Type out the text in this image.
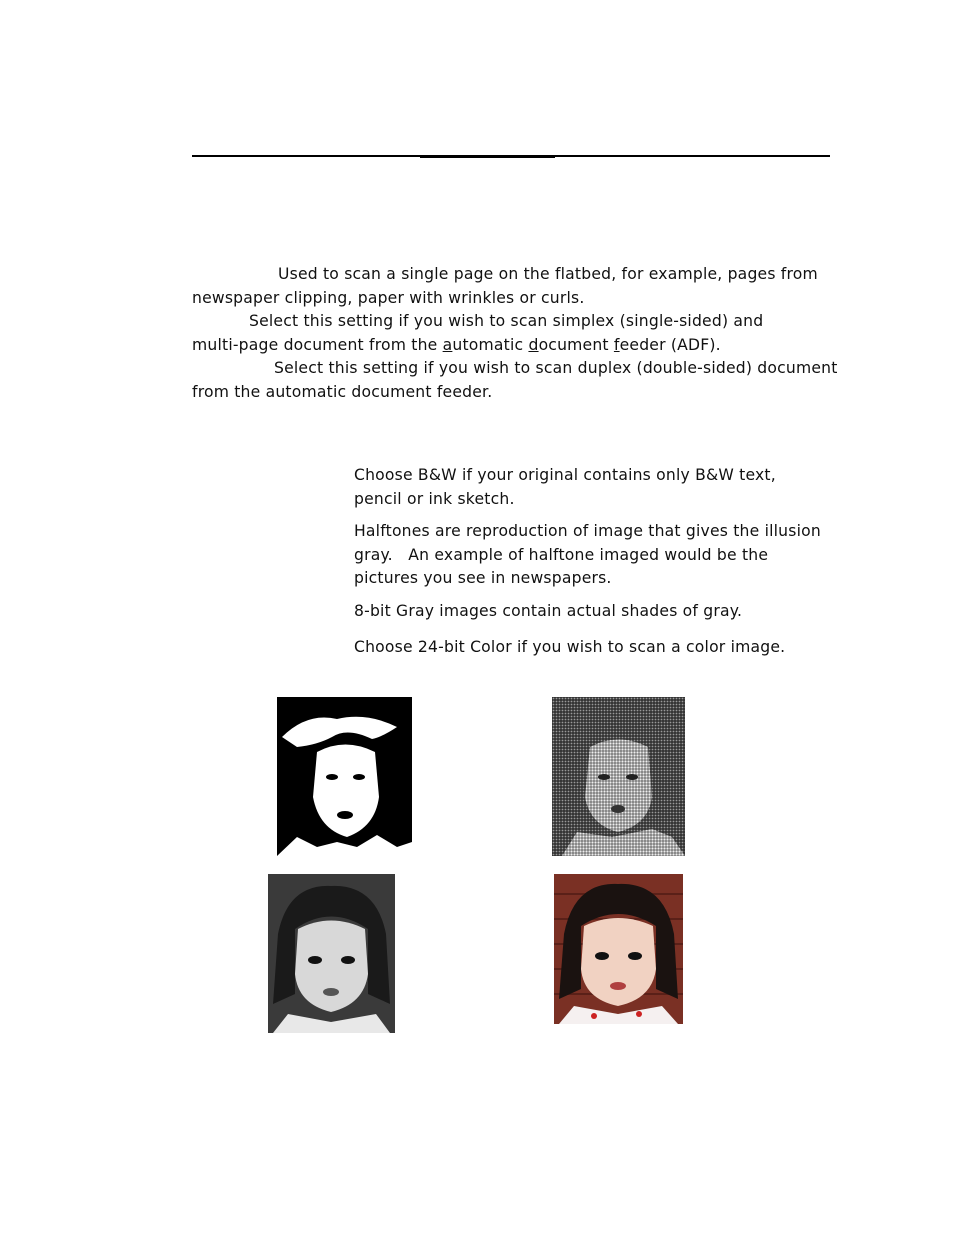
Used to scan a single page on the flatbed, for example, pages from
newspaper clipping, paper with wrinkles or curls.

Select this setting if you wish to scan simplex (single-sided) and
multi-page document from the automatic document feeder (ADF).

Select this setting if you wish to scan duplex (double-sided) document
from the automatic document feeder.

Choose B&W if your original contains only B&W text,
pencil or ink sketch.

Halftones are reproduction of image that gives the illusion
gray.   An example of halftone imaged would be the
pictures you see in newspapers.

8-bit Gray images contain actual shades of gray.

Choose 24-bit Color if you wish to scan a color image.
